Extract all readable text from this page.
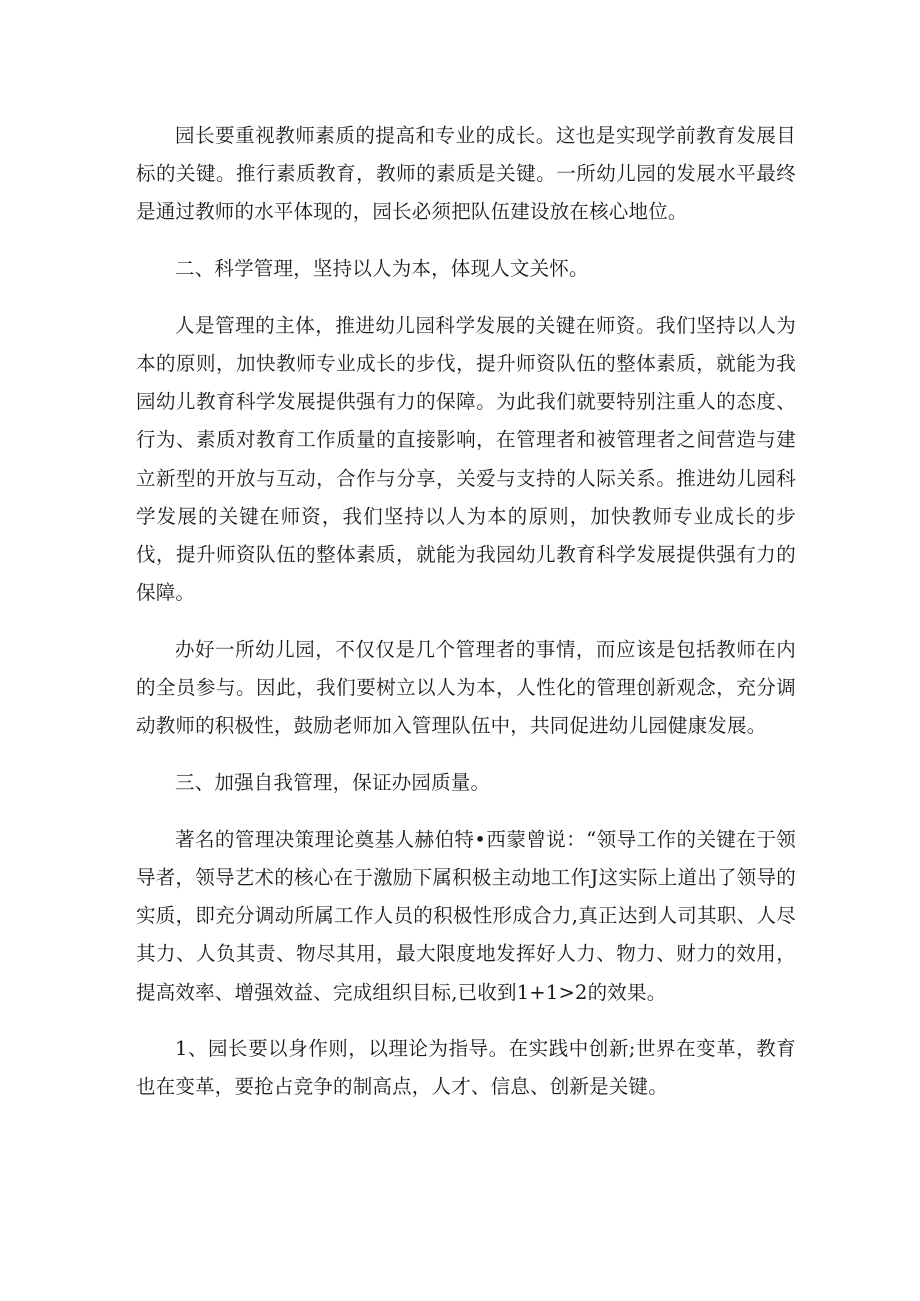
园长要重视教师素质的提高和专业的成长。这也是实现学前教育发展目标的关键。推行素质教育，教师的素质是关键。一所幼儿园的发展水平最终是通过教师的水平体现的，园长必须把队伍建设放在核心地位。

二、科学管理，坚持以人为本，体现人文关怀。

人是管理的主体，推进幼儿园科学发展的关键在师资。我们坚持以人为本的原则，加快教师专业成长的步伐，提升师资队伍的整体素质，就能为我园幼儿教育科学发展提供强有力的保障。为此我们就要特别注重人的态度、行为、素质对教育工作质量的直接影响，在管理者和被管理者之间营造与建立新型的开放与互动，合作与分享，关爱与支持的人际关系。推进幼儿园科学发展的关键在师资，我们坚持以人为本的原则，加快教师专业成长的步伐，提升师资队伍的整体素质，就能为我园幼儿教育科学发展提供强有力的保障。

办好一所幼儿园，不仅仅是几个管理者的事情，而应该是包括教师在内的全员参与。因此，我们要树立以人为本，人性化的管理创新观念，充分调动教师的积极性，鼓励老师加入管理队伍中，共同促进幼儿园健康发展。

三、加强自我管理，保证办园质量。

著名的管理决策理论奠基人赫伯特•西蒙曾说：“领导工作的关键在于领导者，领导艺术的核心在于激励下属积极主动地工作J这实际上道出了领导的实质，即充分调动所属工作人员的积极性形成合力,真正达到人司其职、人尽其力、人负其责、物尽其用，最大限度地发挥好人力、物力、财力的效用，提高效率、增强效益、完成组织目标,已收到1+1>2的效果。

1、园长要以身作则，以理论为指导。在实践中创新;世界在变革，教育也在变革，要抢占竞争的制高点，人才、信息、创新是关键。
